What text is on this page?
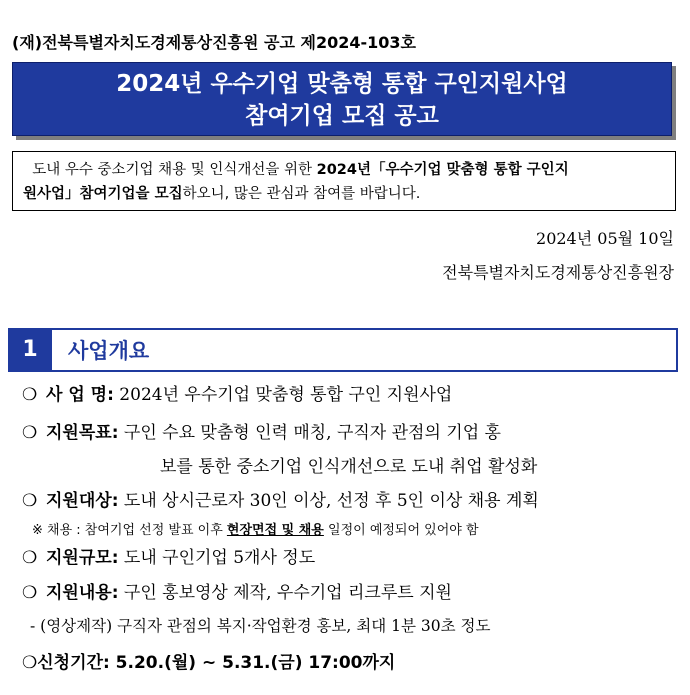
(재)전북특별자치도경제통상진흥원 공고 제2024-103호
2024년 우수기업 맞춤형 통합 구인지원사업
참여기업 모집 공고
도내 우수 중소기업 채용 및 인식개선을 위한 2024년「우수기업 맞춤형 통합 구인지
원사업」참여기업을 모집하오니, 많은 관심과 참여를 바랍니다.
2024년 05월 10일
전북특별자치도경제통상진흥원장
1	사업개요
❍ 사 업 명: 2024년 우수기업 맞춤형 통합 구인 지원사업
❍ 지원목표: 구인 수요 맞춤형 인력 매칭, 구직자 관점의 기업 홍
보를 통한 중소기업 인식개선으로 도내 취업 활성화
❍ 지원대상: 도내 상시근로자 30인 이상, 선정 후 5인 이상 채용 계획
※ 채용 : 참여기업 선정 발표 이후 현장면접 및 채용 일정이 예정되어 있어야 함
❍ 지원규모: 도내 구인기업 5개사 정도
❍ 지원내용: 구인 홍보영상 제작, 우수기업 리크루트 지원
- (영상제작) 구직자 관점의 복지·작업환경 홍보, 최대 1분 30초 정도
❍신청기간: 5.20.(월) ~ 5.31.(금) 17:00까지
